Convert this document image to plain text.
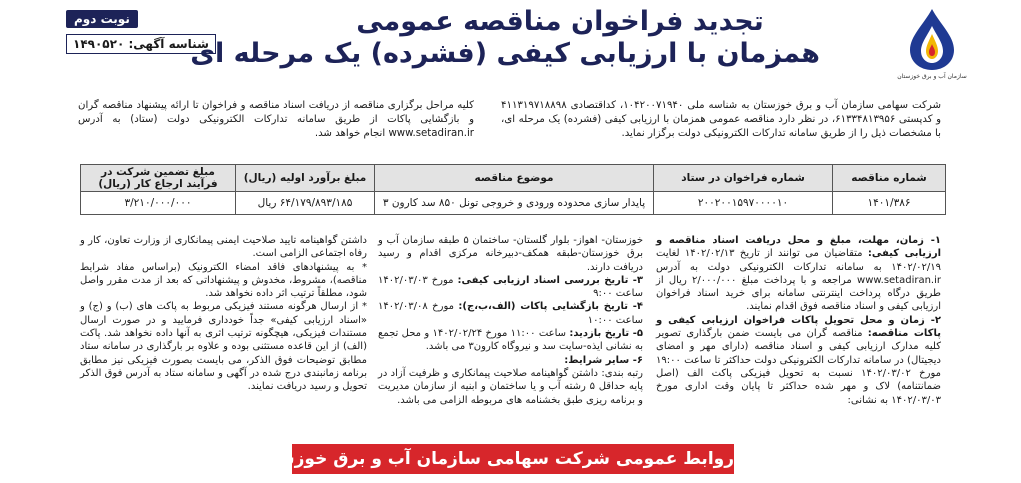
سازمان آب و برق خوزستان
تجدید فراخوان مناقصه عمومی
همزمان با ارزیابی کیفی (فشرده) یک مرحله ای
نوبت دوم
شناسه آگهی: ۱۴۹۰۵۲۰
شرکت سهامی سازمان آب و برق خوزستان به شناسه ملی ۱۰۴۲۰۰۷۱۹۴۰، کداقتصادی ۴۱۱۳۱۹۷۱۸۸۹۸ و کدپستی ۶۱۳۳۴۸۱۳۹۵۶، در نظر دارد مناقصه عمومی همزمان با ارزیابی کیفی (فشرده) یک مرحله ای، با مشخصات ذیل را از طریق سامانه تدارکات الکترونیکی دولت برگزار نماید.
کلیه مراحل برگزاری مناقصه از دریافت اسناد مناقصه و فراخوان تا ارائه پیشنهاد مناقصه گران و بازگشایی پاکات از طریق سامانه تدارکات الکترونیکی دولت (ستاد) به آدرس www.setadiran.ir انجام خواهد شد.
شماره مناقصه	شماره فراخوان در ستاد	موضوع مناقصه	مبلغ برآورد اولیه (ریال)	مبلغ تضمین شرکت در فرآیند ارجاع کار (ریال)
۱۴۰۱/۳۸۶	۲۰۰۲۰۰۱۵۹۷۰۰۰۰۱۰	پایدار سازی محدوده ورودی و خروجی تونل ۸۵۰ سد کارون ۳	۶۴/۱۷۹/۸۹۳/۱۸۵ ریال	۳/۲۱۰/۰۰۰/۰۰۰

۱- زمان، مهلت، مبلغ و محل دریافت اسناد مناقصه و ارزیابی کیفی: متقاضیان می توانند از تاریخ ۱۴۰۲/۰۲/۱۳ لغایت ۱۴۰۲/۰۲/۱۹ به سامانه تدارکات الکترونیکی دولت به آدرس www.setadiran.ir مراجعه و با پرداخت مبلغ ۲/۰۰۰/۰۰۰ ریال از طریق درگاه پرداخت اینترنتی سامانه برای خرید اسناد فراخوان ارزیابی کیفی و اسناد مناقصه فوق اقدام نمایند.

۲- زمان و محل تحویل پاکات فراخوان ارزیابی کیفی و پاکات مناقصه: مناقصه گران می بایست ضمن بارگذاری تصویر کلیه مدارک ارزیابی کیفی و اسناد مناقصه (دارای مهر و امضای دیجیتال) در سامانه تدارکات الکترونیکی دولت حداکثر تا ساعت ۱۹:۰۰ مورخ ۱۴۰۲/۰۳/۰۲ نسبت به تحویل فیزیکی پاکت الف (اصل ضمانتنامه) لاک و مهر شده حداکثر تا پایان وقت اداری مورخ ۱۴۰۲/۰۳/۰۳ به نشانی:

خوزستان- اهواز- بلوار گلستان- ساختمان ۵ طبقه سازمان آب و برق خوزستان-طبقه همکف-دبیرخانه مرکزی اقدام و رسید دریافت دارند.

۳- تاریخ بررسی اسناد ارزیابی کیفی: مورخ ۱۴۰۲/۰۳/۰۳ ساعت ۹:۰۰

۴- تاریخ بازگشایی پاکات (الف،ب،ج): مورخ ۱۴۰۲/۰۳/۰۸ ساعت ۱۰:۰۰

۵- تاریخ بازدید: ساعت ۱۱:۰۰ مورخ ۱۴۰۲/۰۲/۲۴ و محل تجمع به نشانی ایذه-سایت سد و نیروگاه کارون۳ می باشد.

۶- سایر شرایط:

رتبه بندی: داشتن گواهینامه صلاحیت پیمانکاری و ظرفیت آزاد در پایه حداقل ۵ رشته آب و یا ساختمان و ابنیه از سازمان مدیریت و برنامه ریزی طبق بخشنامه های مربوطه الزامی می باشد.

داشتن گواهینامه تایید صلاحیت ایمنی پیمانکاری از وزارت تعاون، کار و رفاه اجتماعی الزامی است.

* به پیشنهادهای فاقد امضاء الکترونیک (براساس مفاد شرایط مناقصه)، مشروط، مخدوش و پیشنهاداتی که بعد از مدت مقرر واصل شود، مطلقاً ترتیب اثر داده نخواهد شد.

* از ارسال هرگونه مستند فیزیکی مربوط به پاکت های (ب) و (ج) و «اسناد ارزیابی کیفی» جداً خودداری فرمایید و در صورت ارسال مستندات فیزیکی، هیچگونه ترتیب اثری به آنها داده نخواهد شد. پاکت (الف) از این قاعده مستثنی بوده و علاوه بر بارگذاری در سامانه ستاد مطابق توضیحات فوق الذکر، می بایست بصورت فیزیکی نیز مطابق برنامه زمانبندی درج شده در آگهی و سامانه ستاد به آدرس فوق الذکر تحویل و رسید دریافت نمایند.

روابط عمومی شرکت سهامی سازمان آب و برق خوزستان
